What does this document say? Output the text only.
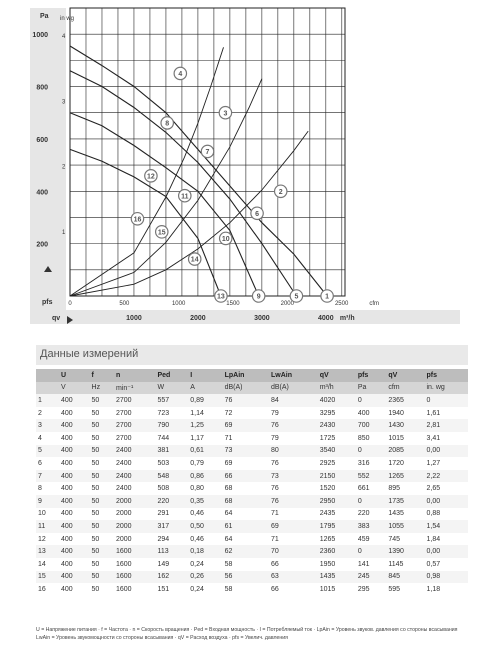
1000
800
600
400
200
Pa in wg
4
3
2
1
pfs	0	500	1000	1500	2000	2500	cfm
qv	1000	2000	3000	4000 m³/h
1
2
3
4
5
6
7
8
9
10
11
12
13
14
15
16
Данные измерений
	U	f	n	Ped	I	LpAin	LwAin	qV	pfs	qV	pfs
	V	Hz	min⁻¹	W	A	dB(A)	dB(A)	m³/h	Pa	cfm	in. wg
1	400	50	2700	557	0,89	76	84	4020	0	2365	0
2	400	50	2700	723	1,14	72	79	3295	400	1940	1,61
3	400	50	2700	790	1,25	69	76	2430	700	1430	2,81
4	400	50	2700	744	1,17	71	79	1725	850	1015	3,41
5	400	50	2400	381	0,61	73	80	3540	0	2085	0,00
6	400	50	2400	503	0,79	69	76	2925	316	1720	1,27
7	400	50	2400	548	0,86	66	73	2150	552	1265	2,22
8	400	50	2400	508	0,80	68	76	1520	661	895	2,65
9	400	50	2000	220	0,35	68	76	2950	0	1735	0,00
10	400	50	2000	291	0,46	64	71	2435	220	1435	0,88
11	400	50	2000	317	0,50	61	69	1795	383	1055	1,54
12	400	50	2000	294	0,46	64	71	1265	459	745	1,84
13	400	50	1600	113	0,18	62	70	2360	0	1390	0,00
14	400	50	1600	149	0,24	58	66	1950	141	1145	0,57
15	400	50	1600	162	0,26	56	63	1435	245	845	0,98
16	400	50	1600	151	0,24	58	66	1015	295	595	1,18
U = Напряжение питания · f = Частота · n = Скорость вращения · Ped = Входная мощность · I = Потребляемый ток · LpAin = Уровень звуков. давления со стороны всасывания
LwAin = Уровень звукомощности со стороны всасывания · qV = Расход воздуха · pfs = Увелич. давления
